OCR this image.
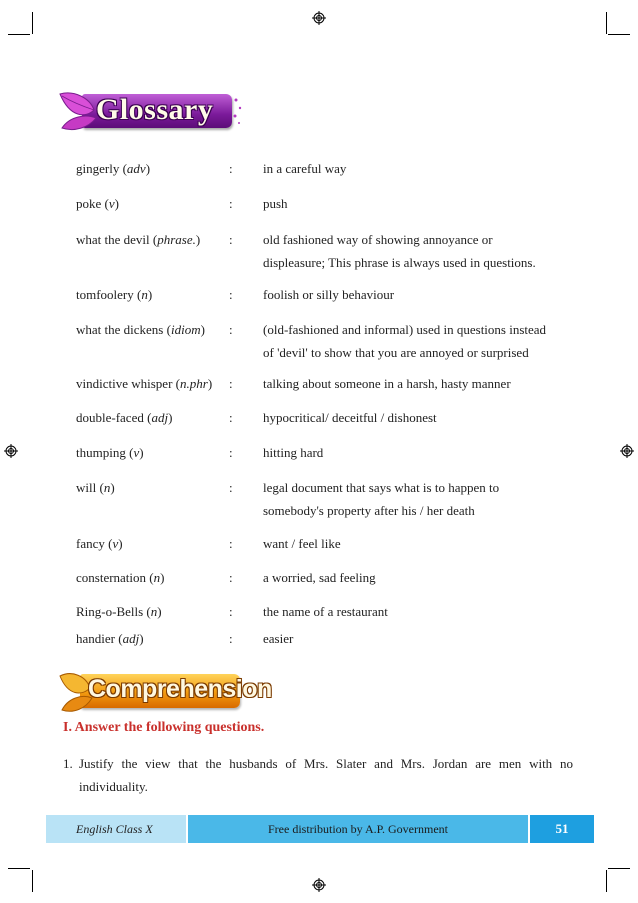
Glossary
gingerly (adv)	: in a careful way
poke (v)	: push
what the devil (phrase.)	: old fashioned way of showing annoyance or
displeasure; This phrase is always used in questions.
tomfoolery (n)	: foolish or silly behaviour
what the dickens (idiom)	: (old-fashioned and informal) used in questions instead
of 'devil' to show that you are annoyed or surprised
vindictive whisper (n.phr)	: talking about someone in a harsh, hasty manner
double-faced (adj)	: hypocritical/ deceitful / dishonest
thumping (v)	: hitting hard
will (n)	: legal document that says what is to happen to
somebody's property after his / her death
fancy (v)	: want / feel like
consternation (n)	: a worried, sad feeling
Ring-o-Bells (n)	: the name of a restaurant
handier (adj)	: easier
Comprehension
I. Answer the following questions.
1. Justify the view that the husbands of Mrs. Slater and Mrs. Jordan are men with no individuality.
English Class X	Free distribution by A.P. Government	51
